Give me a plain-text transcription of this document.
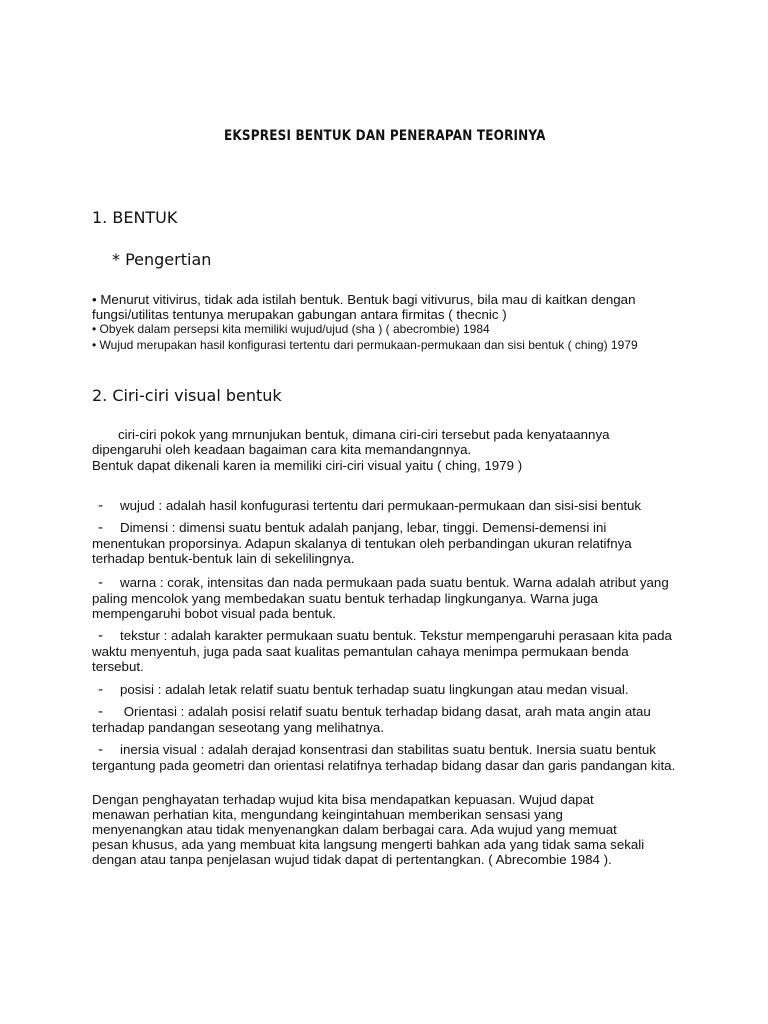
EKSPRESI BENTUK DAN PENERAPAN TEORINYA
1. BENTUK
* Pengertian
• Menurut vitivirus, tidak ada istilah bentuk. Bentuk bagi vitivurus, bila mau di kaitkan dengan fungsi/utilitas tentunya merupakan gabungan antara firmitas ( thecnic )
• Obyek dalam persepsi kita memiliki wujud/ujud (sha ) ( abecrombie) 1984
• Wujud merupakan hasil konfigurasi tertentu dari permukaan-permukaan dan sisi bentuk ( ching) 1979
2. Ciri-ciri visual bentuk
ciri-ciri pokok yang mrnunjukan bentuk, dimana ciri-ciri tersebut pada kenyataannya dipengaruhi oleh keadaan bagaiman cara kita memandangnnya.
Bentuk dapat dikenali karen ia memiliki ciri-ciri visual yaitu ( ching, 1979 )
- wujud : adalah hasil konfugurasi tertentu dari permukaan-permukaan dan sisi-sisi bentuk
- Dimensi : dimensi suatu bentuk adalah panjang, lebar, tinggi. Demensi-demensi ini menentukan proporsinya. Adapun skalanya di tentukan oleh perbandingan ukuran relatifnya terhadap bentuk-bentuk lain di sekelilingnya.
- warna : corak, intensitas dan nada permukaan pada suatu bentuk. Warna adalah atribut yang paling mencolok yang membedakan suatu bentuk terhadap lingkunganya. Warna juga mempengaruhi bobot visual pada bentuk.
- tekstur : adalah karakter permukaan suatu bentuk. Tekstur mempengaruhi perasaan kita pada waktu menyentuh, juga pada saat kualitas pemantulan cahaya menimpa permukaan benda tersebut.
- posisi : adalah letak relatif suatu bentuk terhadap suatu lingkungan atau medan visual.
- Orientasi : adalah posisi relatif suatu bentuk terhadap bidang dasat, arah mata angin atau terhadap pandangan seseotang yang melihatnya.
- inersia visual : adalah derajad konsentrasi dan stabilitas suatu bentuk. Inersia suatu bentuk tergantung pada geometri dan orientasi relatifnya terhadap bidang dasar dan garis pandangan kita.
Dengan penghayatan terhadap wujud kita bisa mendapatkan kepuasan. Wujud dapat menawan perhatian kita, mengundang keingintahuan memberikan sensasi yang menyenangkan atau tidak menyenangkan dalam berbagai cara. Ada wujud yang memuat pesan khusus, ada yang membuat kita langsung mengerti bahkan ada yang tidak sama sekali dengan atau tanpa penjelasan wujud tidak dapat di pertentangkan. ( Abrecombie 1984 ).
